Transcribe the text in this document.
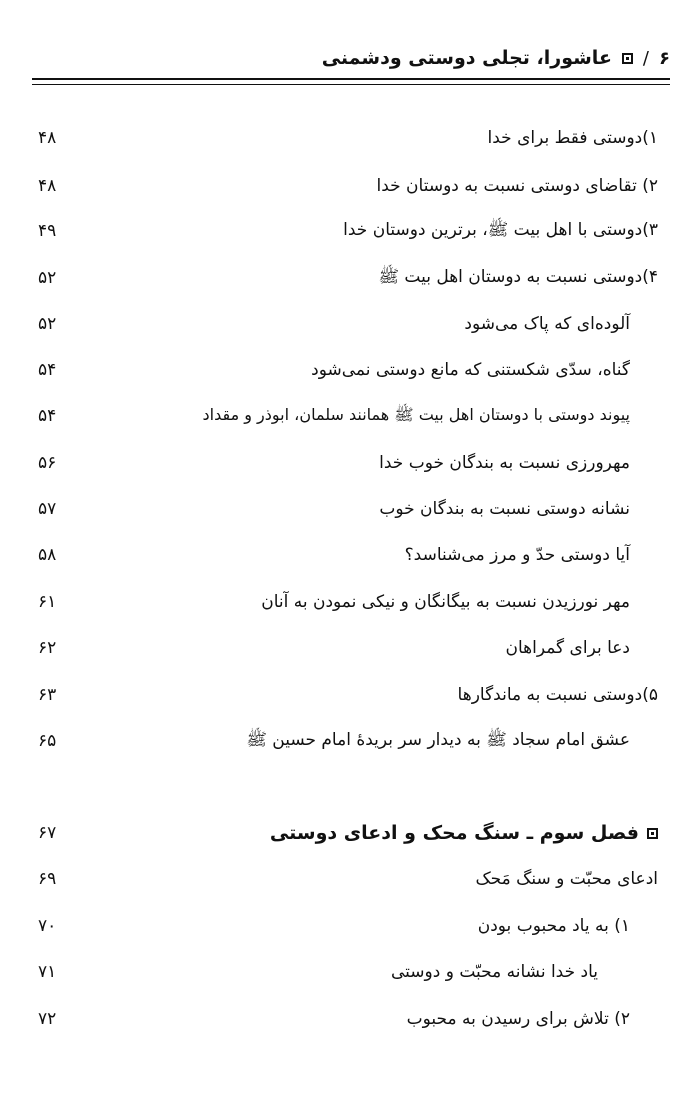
۶
/
عاشورا، تجلی دوستی ودشمنی
۱)دوستی فقط برای خدا
۴۸
۲) تقاضای دوستی نسبت به دوستان خدا
۴۸
۳)دوستی با اهل بیت ﷺ، برترین دوستان خدا
۴۹
۴)دوستی نسبت به دوستان اهل بیت ﷺ
۵۲
آلوده‌ای که پاک می‌شود
۵۲
گناه، سدّی شکستنی که مانع دوستی نمی‌شود
۵۴
پیوند دوستی با دوستان اهل بیت ﷺ همانند سلمان، ابوذر و مقداد
۵۴
مهرورزی نسبت به بندگان خوب خدا
۵۶
نشانه دوستی نسبت به بندگان خوب
۵۷
آیا دوستی حدّ و مرز می‌شناسد؟
۵۸
مهر نورزیدن نسبت به بیگانگان و نیکی نمودن به آنان
۶۱
دعا برای گمراهان
۶۲
۵)دوستی نسبت به ماندگارها
۶۳
عشق امام سجاد ﷺ به دیدار سر بریدهٔ امام حسین ﷺ
۶۵
فصل سوم ـ سنگ محک و ادعای دوستی
۶۷
ادعای محبّت و سنگ مَحک
۶۹
۱) به یاد محبوب بودن
۷۰
یاد خدا نشانه محبّت و دوستی
۷۱
۲) تلاش برای رسیدن به محبوب
۷۲
